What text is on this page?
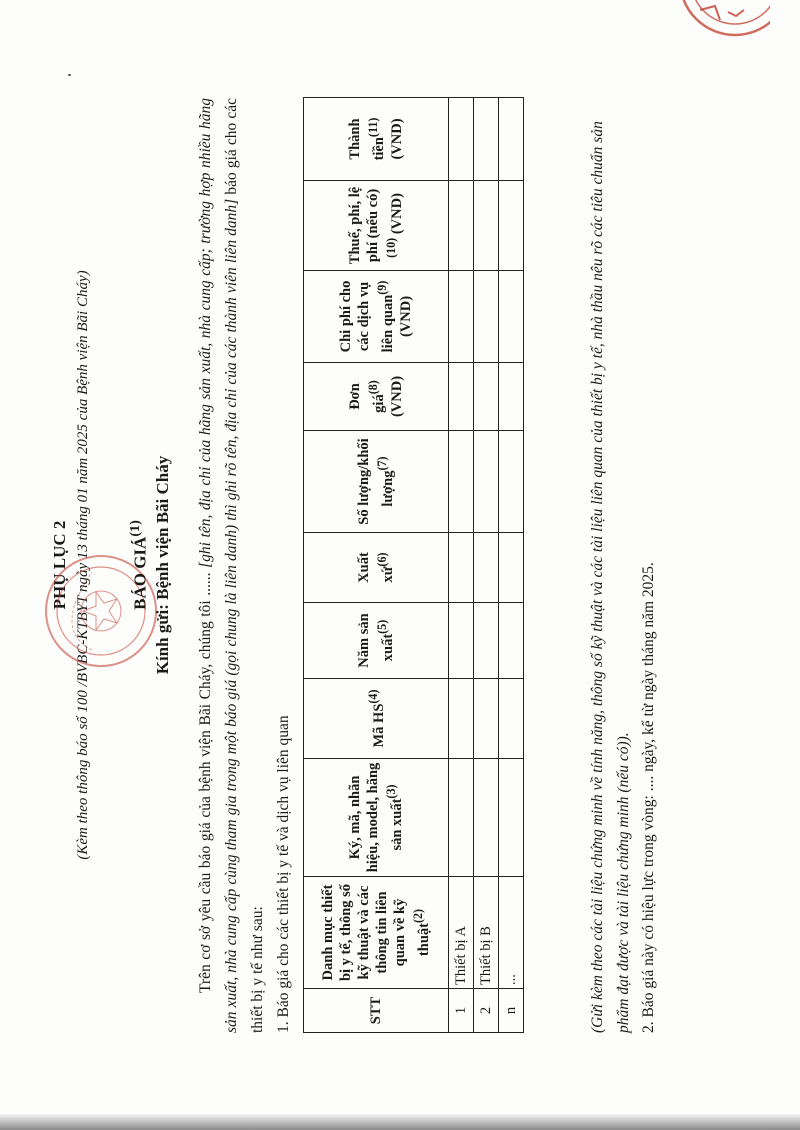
PHỤ LỤC 2 (Kèm theo thông báo số 100 /BVBC-KTBYT ngày 13 tháng 01 năm 2025 của Bệnh viện Bãi Cháy) BÁO GIÁ$^{(1)}$ Kính gửi: Bệnh viện Bãi Cháy
Trên cơ sở yêu cầu báo giá của bệnh viện Bãi Cháy, chúng tôi ...... [ghi tên, địa chỉ của hãng sản xuất, nhà cung cấp; trường hợp nhiều hãng sản xuất, nhà cung cấp cùng tham gia trong một báo giá (gọi chung là liên danh) thì ghi rõ tên, địa chỉ của các thành viên liên danh] báo giá cho các thiết bị y tế như sau: 1. Báo giá cho các thiết bị y tế và dịch vụ liên quan	STT	Danh mục thiết bị y tế, thông số kỹ thuật và các thông tin liên quan về kỹ thuật$^{(2)}$	Ký, mã, nhãn hiệu, model, hãng sản xuất$^{(3)}$	Mã HS$^{(4)}$	Năm sản xuất$^{(5)}$	Xuất xứ$^{(6)}$	Số lượng/khối lượng$^{(7)}$	Đơn giá$^{(8)}$ (VND)	Chi phí cho các dịch vụ liên quan$^{(9)}$ (VND)	Thuế, phí, lệ phí (nếu có) $^{(10)}$ (VND)	Thành tiền$^{(11)}$ (VND)
1	Thiết bị A									
2	Thiết bị B									
n	...										(Gửi kèm theo các tài liệu chứng minh về tính năng, thông số kỹ thuật và các tài liệu liên quan của thiết bị y tế, nhà thầu nêu rõ các tiêu chuẩn sản phẩm đạt được và tài liệu chứng minh (nếu có)). 2. Báo giá này có hiệu lực trong vòng: .... ngày, kể từ ngày tháng năm 2025.
